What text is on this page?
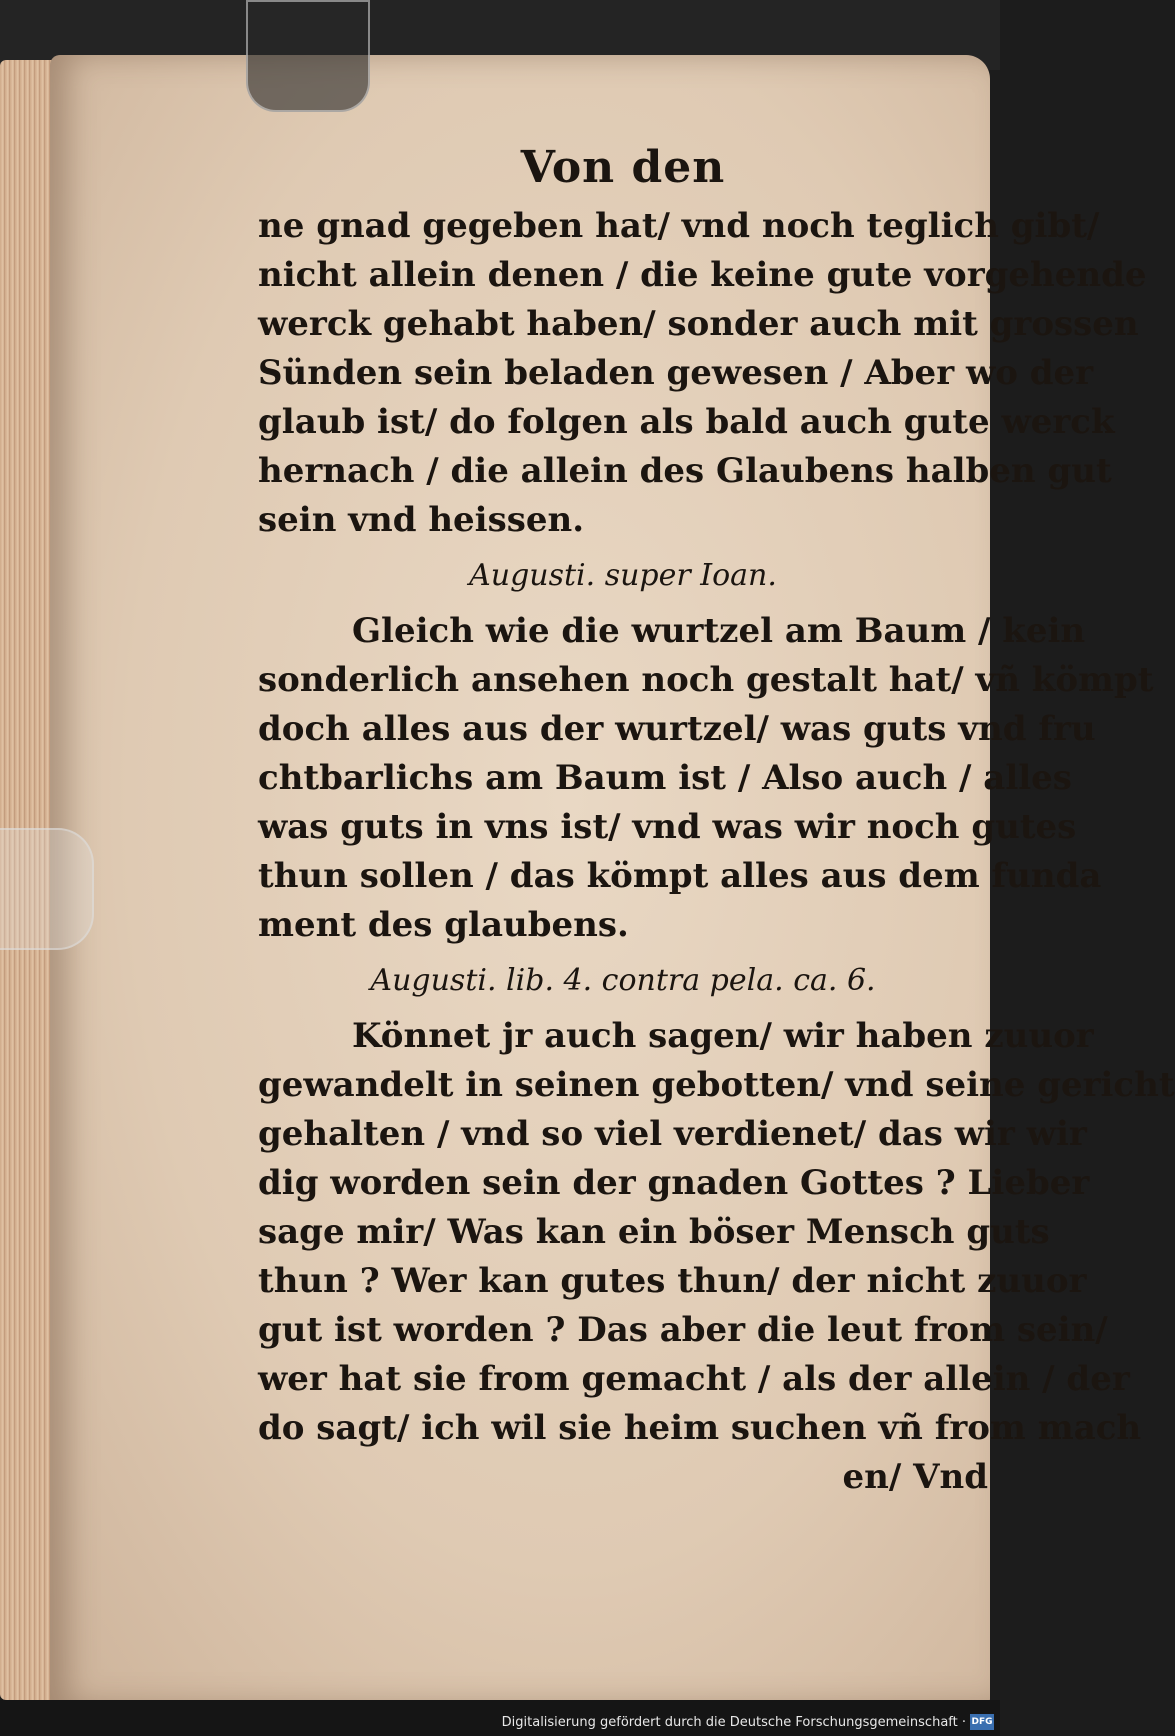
Von den
ne gnad gegeben hat/ vnd noch teglich gibt/
nicht allein denen / die keine gute vorgehende
werck gehabt haben/ sonder auch mit grossen
Sünden sein beladen gewesen / Aber wo der
glaub ist/ do folgen als bald auch gute werck
hernach / die allein des Glaubens halben gut
sein vnd heissen.
Augusti. super Ioan.
Gleich wie die wurtzel am Baum / kein
sonderlich ansehen noch gestalt hat/ vñ kömpt
doch alles aus der wurtzel/ was guts vnd fru
chtbarlichs am Baum ist / Also auch / alles
was guts in vns ist/ vnd was wir noch gutes
thun sollen / das kömpt alles aus dem funda
ment des glaubens.
Augusti. lib. 4. contra pela. ca. 6.
Könnet jr auch sagen/ wir haben zuuor
gewandelt in seinen gebotten/ vnd seine gericht
gehalten / vnd so viel verdienet/ das wir wir
dig worden sein der gnaden Gottes ? Lieber
sage mir/ Was kan ein böser Mensch guts
thun ? Wer kan gutes thun/ der nicht zuuor
gut ist worden ? Das aber die leut from sein/
wer hat sie from gemacht / als der allein / der
do sagt/ ich wil sie heim suchen vñ from mach
en/ Vnd
Digitalisierung gefördert durch die Deutsche Forschungsgemeinschaft · DFG
